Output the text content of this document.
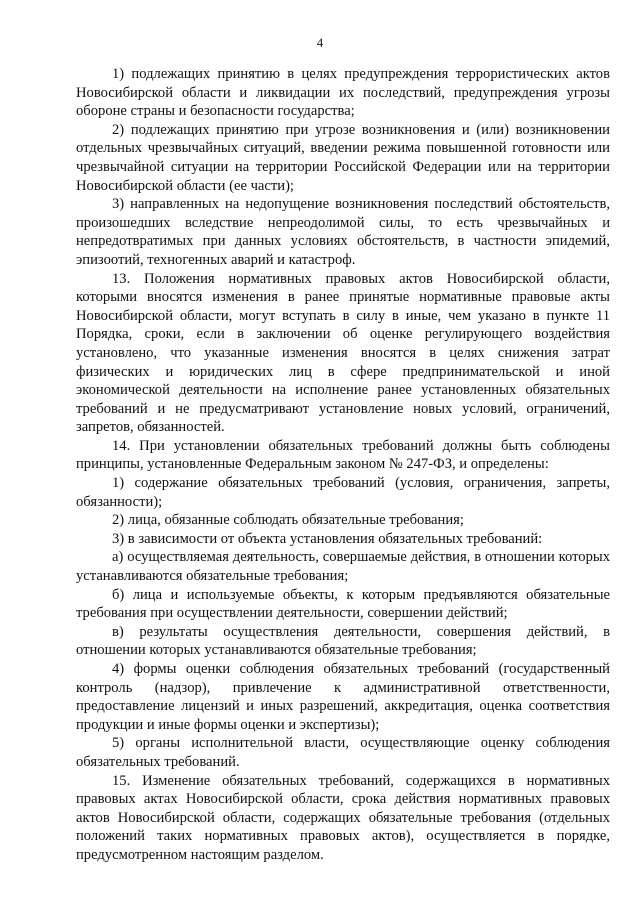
4

1) подлежащих принятию в целях предупреждения террористических актов Новосибирской области и ликвидации их последствий, предупреждения угрозы обороне страны и безопасности государства;

2) подлежащих принятию при угрозе возникновения и (или) возникновении отдельных чрезвычайных ситуаций, введении режима повышенной готовности или чрезвычайной ситуации на территории Российской Федерации или на территории Новосибирской области (ее части);

3) направленных на недопущение возникновения последствий обстоятельств, произошедших вследствие непреодолимой силы, то есть чрезвычайных и непредотвратимых при данных условиях обстоятельств, в частности эпидемий, эпизоотий, техногенных аварий и катастроф.

13. Положения нормативных правовых актов Новосибирской области, которыми вносятся изменения в ранее принятые нормативные правовые акты Новосибирской области, могут вступать в силу в иные, чем указано в пункте 11 Порядка, сроки, если в заключении об оценке регулирующего воздействия установлено, что указанные изменения вносятся в целях снижения затрат физических и юридических лиц в сфере предпринимательской и иной экономической деятельности на исполнение ранее установленных обязательных требований и не предусматривают установление новых условий, ограничений, запретов, обязанностей.

14. При установлении обязательных требований должны быть соблюдены принципы, установленные Федеральным законом № 247-ФЗ, и определены:

1) содержание обязательных требований (условия, ограничения, запреты, обязанности);

2) лица, обязанные соблюдать обязательные требования;

3) в зависимости от объекта установления обязательных требований:

а) осуществляемая деятельность, совершаемые действия, в отношении которых устанавливаются обязательные требования;

б) лица и используемые объекты, к которым предъявляются обязательные требования при осуществлении деятельности, совершении действий;

в) результаты осуществления деятельности, совершения действий, в отношении которых устанавливаются обязательные требования;

4) формы оценки соблюдения обязательных требований (государственный контроль (надзор), привлечение к административной ответственности, предоставление лицензий и иных разрешений, аккредитация, оценка соответствия продукции и иные формы оценки и экспертизы);

5) органы исполнительной власти, осуществляющие оценку соблюдения обязательных требований.

15. Изменение обязательных требований, содержащихся в нормативных правовых актах Новосибирской области, срока действия нормативных правовых актов Новосибирской области, содержащих обязательные требования (отдельных положений таких нормативных правовых актов), осуществляется в порядке, предусмотренном настоящим разделом.
